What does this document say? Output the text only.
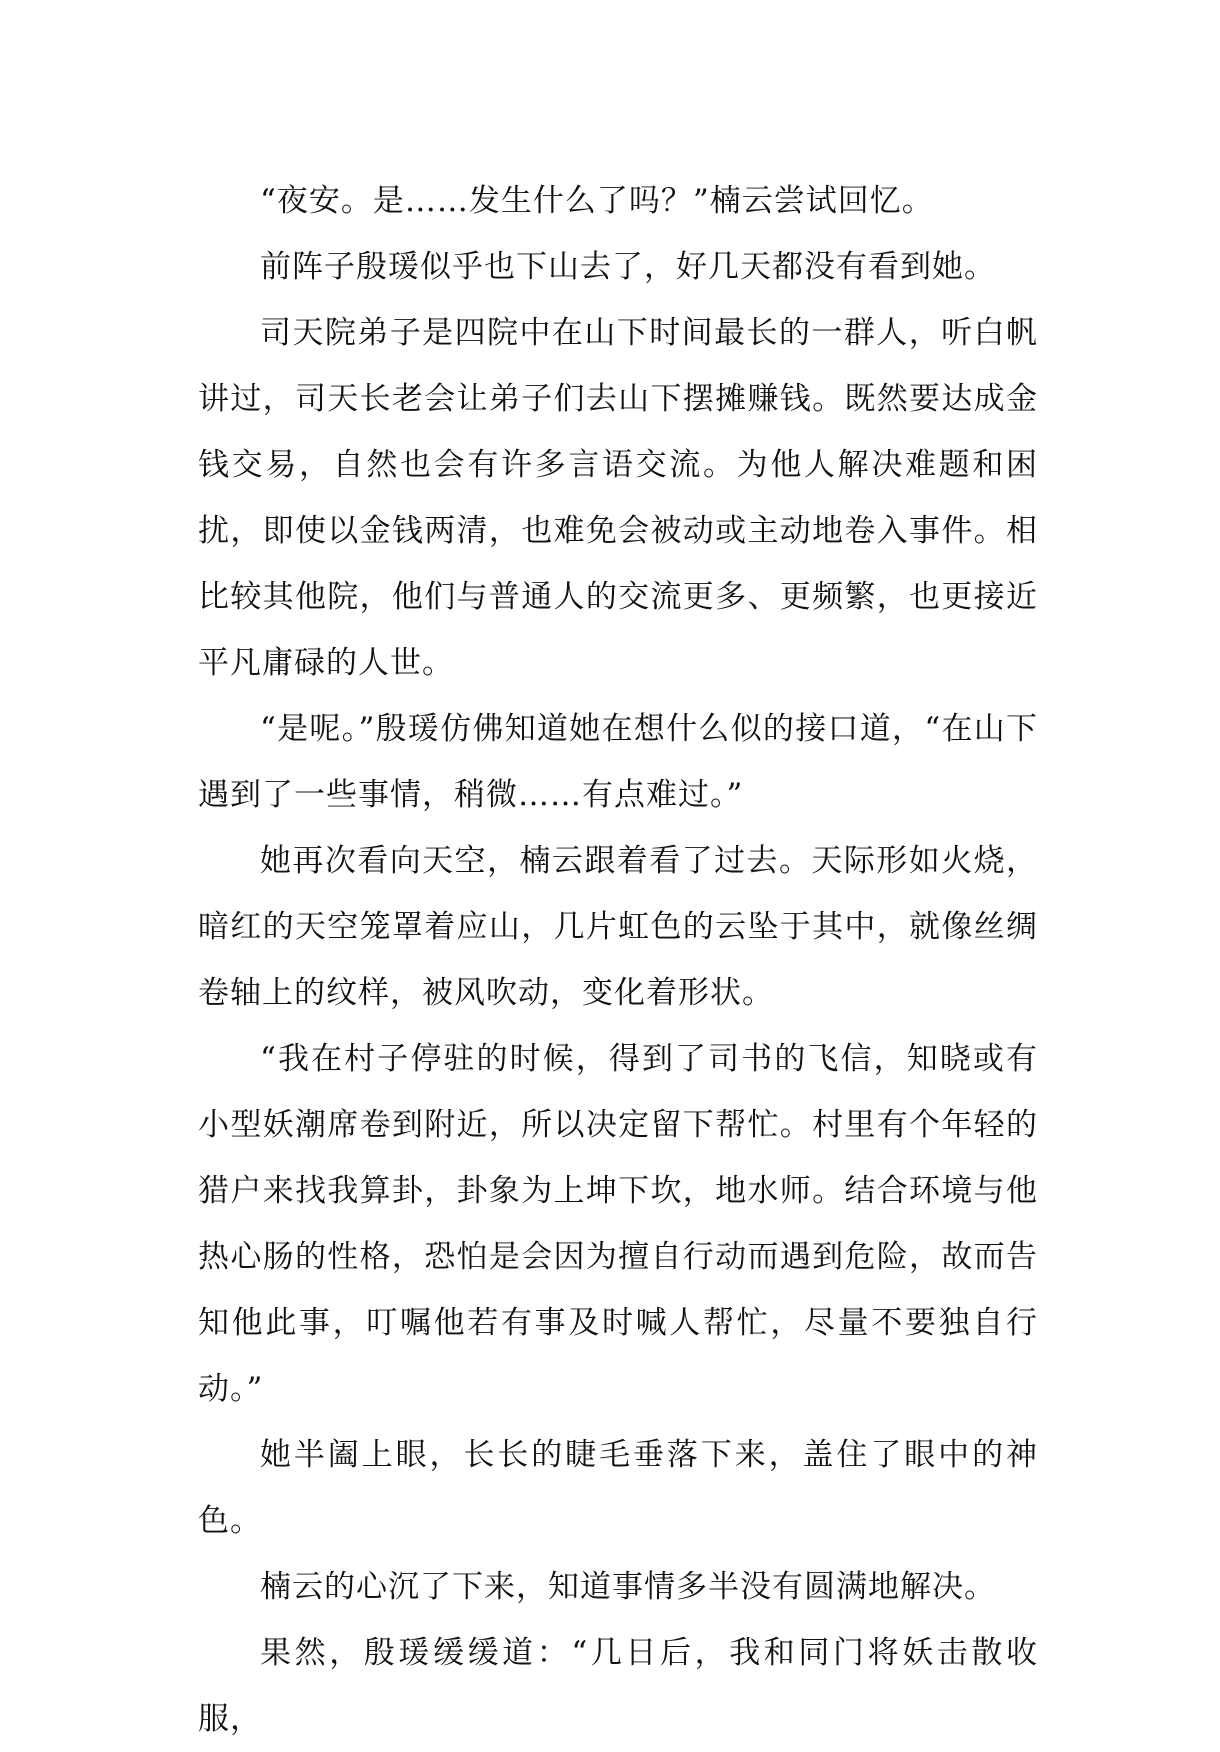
“夜安。是……发生什么了吗？”楠云尝试回忆。

前阵子殷瑗似乎也下山去了，好几天都没有看到她。

司天院弟子是四院中在山下时间最长的一群人，听白帆讲过，司天长老会让弟子们去山下摆摊赚钱。既然要达成金钱交易，自然也会有许多言语交流。为他人解决难题和困扰，即使以金钱两清，也难免会被动或主动地卷入事件。相比较其他院，他们与普通人的交流更多、更频繁，也更接近平凡庸碌的人世。

“是呢。”殷瑗仿佛知道她在想什么似的接口道，“在山下遇到了一些事情，稍微……有点难过。”

她再次看向天空，楠云跟着看了过去。天际形如火烧，暗红的天空笼罩着应山，几片虹色的云坠于其中，就像丝绸卷轴上的纹样，被风吹动，变化着形状。

“我在村子停驻的时候，得到了司书的飞信，知晓或有小型妖潮席卷到附近，所以决定留下帮忙。村里有个年轻的猎户来找我算卦，卦象为上坤下坎，地水师。结合环境与他热心肠的性格，恐怕是会因为擅自行动而遇到危险，故而告知他此事，叮嘱他若有事及时喊人帮忙，尽量不要独自行动。”

她半阖上眼，长长的睫毛垂落下来，盖住了眼中的神色。

楠云的心沉了下来，知道事情多半没有圆满地解决。

果然，殷瑗缓缓道：“几日后，我和同门将妖击散收服，
